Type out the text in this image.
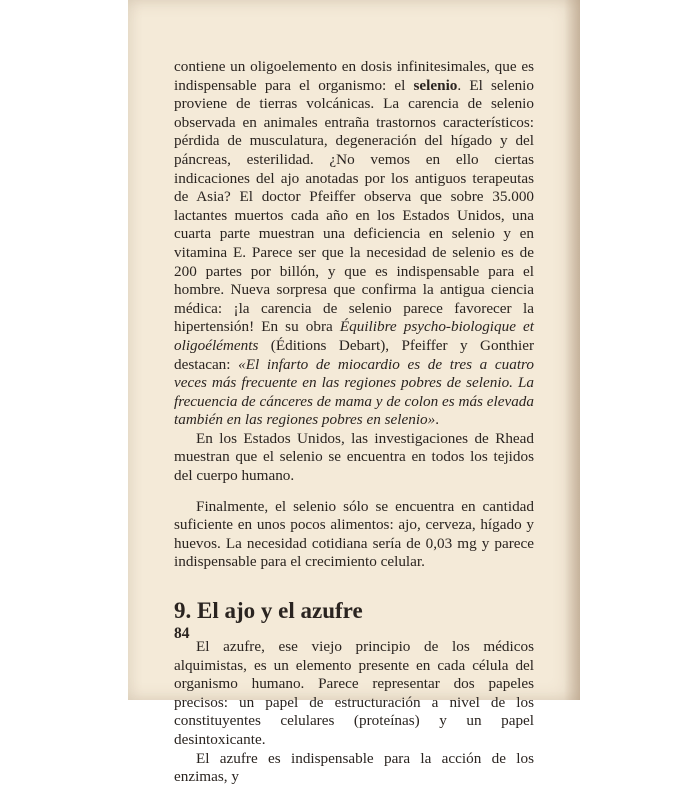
contiene un oligoelemento en dosis infinitesimales, que es indispensable para el organismo: el selenio. El selenio proviene de tierras volcánicas. La carencia de selenio observada en animales entraña trastornos característicos: pérdida de musculatura, degeneración del hígado y del páncreas, esterilidad. ¿No vemos en ello ciertas indicaciones del ajo anotadas por los antiguos terapeutas de Asia? El doctor Pfeiffer observa que sobre 35.000 lactantes muertos cada año en los Estados Unidos, una cuarta parte muestran una deficiencia en selenio y en vitamina E. Parece ser que la necesidad de selenio es de 200 partes por billón, y que es indispensable para el hombre. Nueva sorpresa que confirma la antigua ciencia médica: ¡la carencia de selenio parece favorecer la hipertensión! En su obra Équilibre psycho-biologique et oligoéléments (Éditions Debart), Pfeiffer y Gonthier destacan: «El infarto de miocardio es de tres a cuatro veces más frecuente en las regiones pobres de selenio. La frecuencia de cánceres de mama y de colon es más elevada también en las regiones pobres en selenio».

En los Estados Unidos, las investigaciones de Rhead muestran que el selenio se encuentra en todos los tejidos del cuerpo humano.

Finalmente, el selenio sólo se encuentra en cantidad suficiente en unos pocos alimentos: ajo, cerveza, hígado y huevos. La necesidad cotidiana sería de 0,03 mg y parece indispensable para el crecimiento celular.

9. El ajo y el azufre

El azufre, ese viejo principio de los médicos alquimistas, es un elemento presente en cada célula del organismo humano. Parece representar dos papeles precisos: un papel de estructuración a nivel de los constituyentes celulares (proteínas) y un papel desintoxicante.

El azufre es indispensable para la acción de los enzimas, y

84
